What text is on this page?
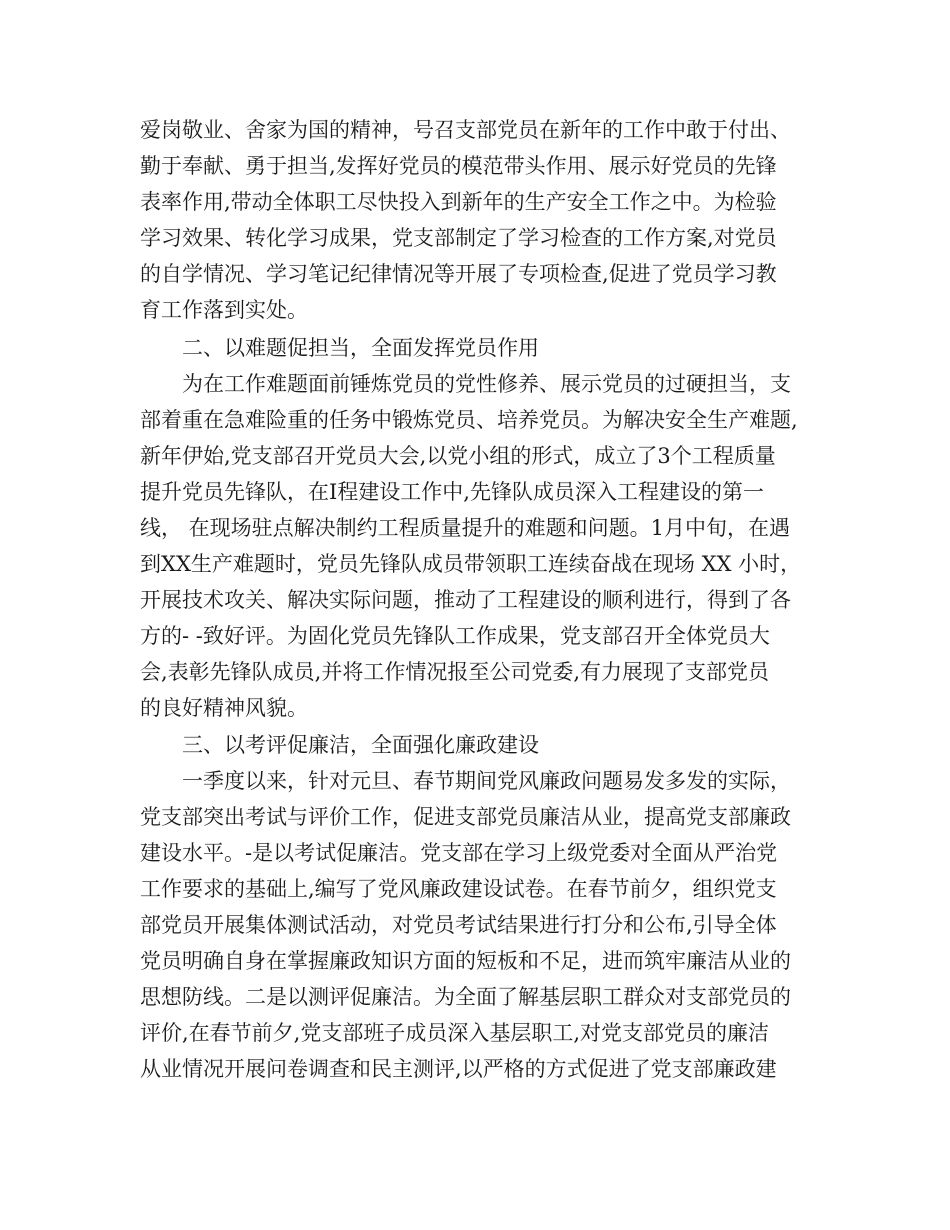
爱岗敬业、舍家为国的精神，号召支部党员在新年的工作中敢于付出、
勤于奉献、勇于担当,发挥好党员的模范带头作用、展示好党员的先锋
表率作用,带动全体职工尽快投入到新年的生产安全工作之中。为检验
学习效果、转化学习成果，党支部制定了学习检查的工作方案,对党员
的自学情况、学习笔记纪律情况等开展了专项检查,促进了党员学习教
育工作落到实处。
二、以难题促担当，全面发挥党员作用
为在工作难题面前锤炼党员的党性修养、展示党员的过硬担当，支
部着重在急难险重的任务中锻炼党员、培养党员。为解决安全生产难题,
新年伊始,党支部召开党员大会,以党小组的形式，成立了3个工程质量
提升党员先锋队，在I程建设工作中,先锋队成员深入工程建设的第一
线， 在现场驻点解决制约工程质量提升的难题和问题。1月中旬，在遇
到XX生产难题时，党员先锋队成员带领职工连续奋战在现场 XX 小时，
开展技术攻关、解决实际问题，推动了工程建设的顺利进行，得到了各
方的- -致好评。为固化党员先锋队工作成果，党支部召开全体党员大
会,表彰先锋队成员,并将工作情况报至公司党委,有力展现了支部党员
的良好精神风貌。
三、以考评促廉洁，全面强化廉政建设
一季度以来，针对元旦、春节期间党风廉政问题易发多发的实际，
党支部突出考试与评价工作，促进支部党员廉洁从业，提高党支部廉政
建设水平。-是以考试促廉洁。党支部在学习上级党委对全面从严治党
工作要求的基础上,编写了党风廉政建设试卷。在春节前夕，组织党支
部党员开展集体测试活动，对党员考试结果进行打分和公布,引导全体
党员明确自身在掌握廉政知识方面的短板和不足，进而筑牢廉洁从业的
思想防线。二是以测评促廉洁。为全面了解基层职工群众对支部党员的
评价,在春节前夕,党支部班子成员深入基层职工,对党支部党员的廉洁
从业情况开展问卷调查和民主测评,以严格的方式促进了党支部廉政建
